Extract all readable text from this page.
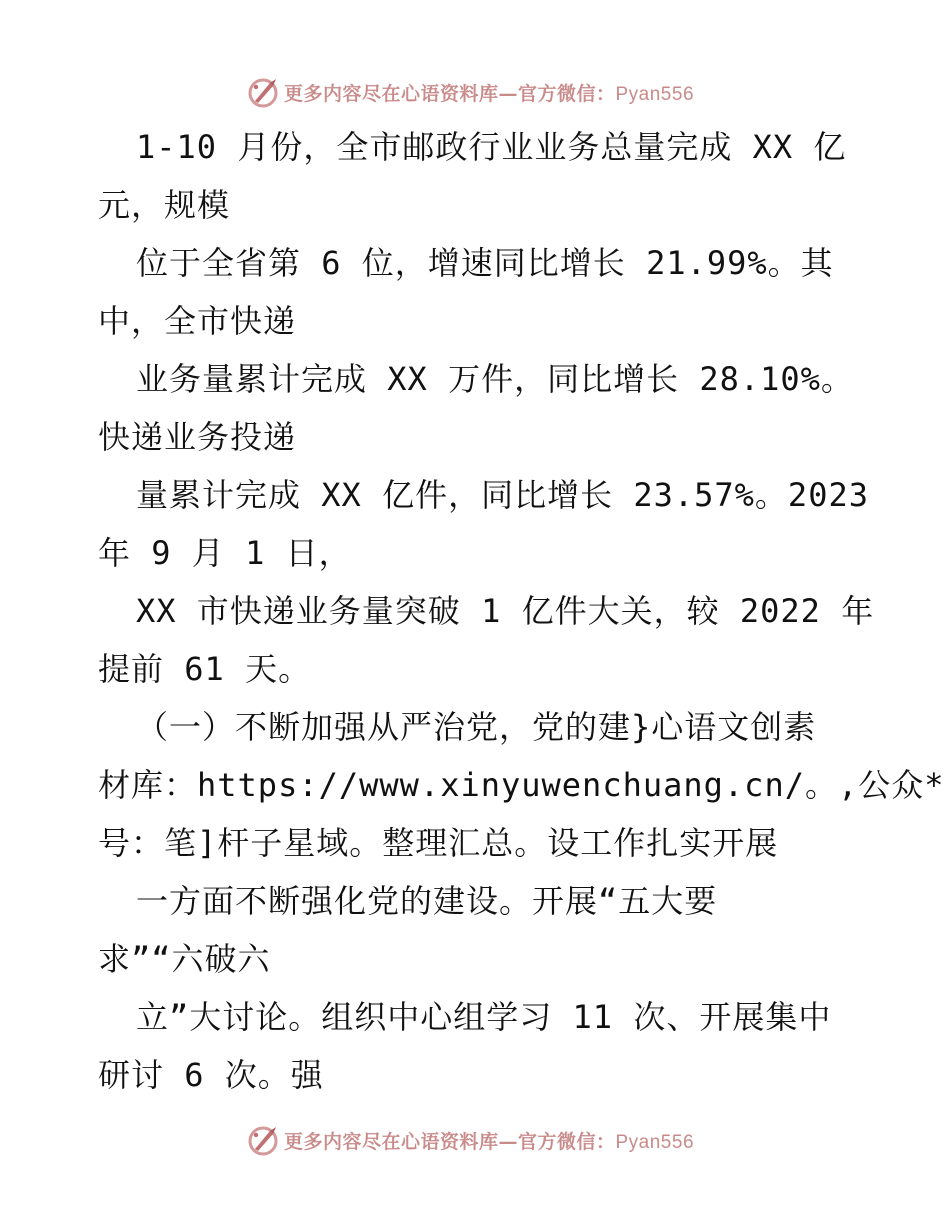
更多内容尽在心语资料库—官方微信：Pyan556
1-10 月份，全市邮政行业业务总量完成 XX 亿
元，规模
位于全省第 6 位，增速同比增长 21.99%。其
中，全市快递
业务量累计完成 XX 万件，同比增长 28.10%。
快递业务投递
量累计完成 XX 亿件，同比增长 23.57%。2023
年 9 月 1 日，
XX 市快递业务量突破 1 亿件大关，较 2022 年
提前 61 天。
（一）不断加强从严治党，党的建}心语文创素
材库：https://www.xinyuwenchuang.cn/。,公众*
号：笔]杆子星域。整理汇总。设工作扎实开展
一方面不断强化党的建设。开展“五大要
求”“六破六
立”大讨论。组织中心组学习 11 次、开展集中
研讨 6 次。强
更多内容尽在心语资料库—官方微信：Pyan556
